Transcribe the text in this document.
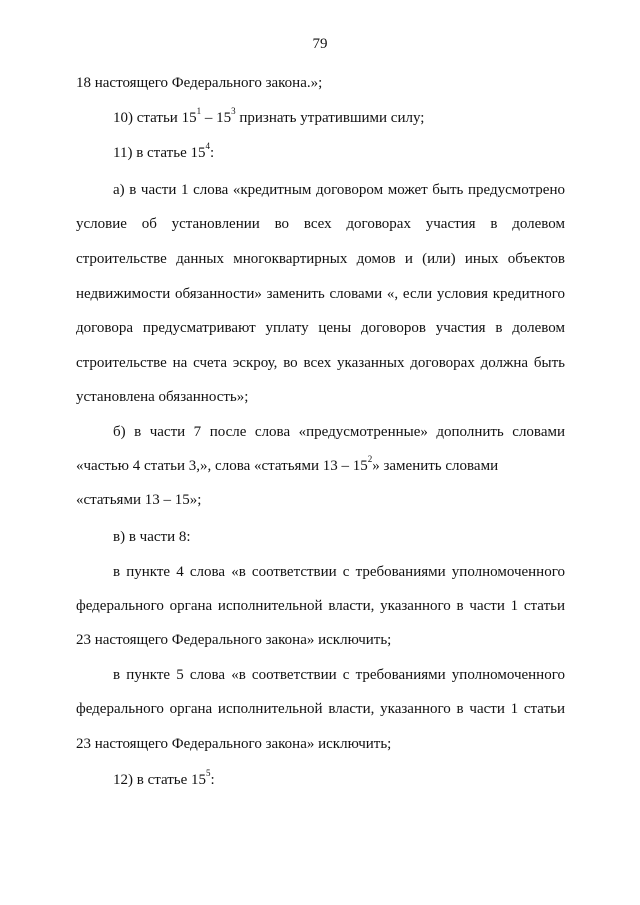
79
18 настоящего Федерального закона.»;
10) статьи $15^1 - 15^3$ признать утратившими силу;
11) в статье $15^4$:
а) в части 1 слова «кредитным договором может быть предусмотрено
условие об установлении во всех договорах участия в долевом
строительстве данных многоквартирных домов и (или) иных объектов
недвижимости обязанности» заменить словами «, если условия кредитного
договора предусматривают уплату цены договоров участия в долевом
строительстве на счета эскроу, во всех указанных договорах должна быть
установлена обязанность»;
б) в части 7 после слова «предусмотренные» дополнить словами
«частью 4 статьи 3,», слова «статьями $13 - 15^2$» заменить словами
«статьями 13 – 15»;
в) в части 8:
в пункте 4 слова «в соответствии с требованиями уполномоченного
федерального органа исполнительной власти, указанного в части 1 статьи
23 настоящего Федерального закона» исключить;
в пункте 5 слова «в соответствии с требованиями уполномоченного
федерального органа исполнительной власти, указанного в части 1 статьи
23 настоящего Федерального закона» исключить;
12) в статье $15^5$:
